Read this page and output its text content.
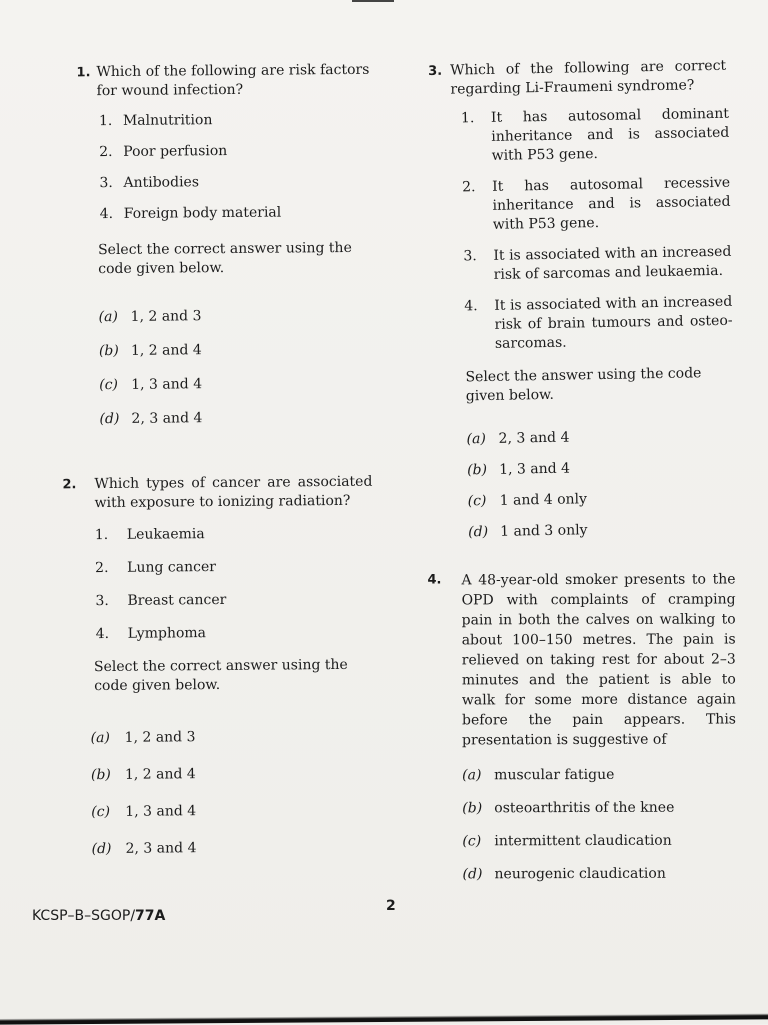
1. Which of the following are risk factors for wound infection?
1. Malnutrition
2. Poor perfusion
3. Antibodies
4. Foreign body material
Select the correct answer using the code given below.
(a) 1, 2 and 3
(b) 1, 2 and 4
(c) 1, 3 and 4
(d) 2, 3 and 4
2. Which types of cancer are associated with exposure to ionizing radiation?
1. Leukaemia
2. Lung cancer
3. Breast cancer
4. Lymphoma
Select the correct answer using the code given below.
(a) 1, 2 and 3
(b) 1, 2 and 4
(c) 1, 3 and 4
(d) 2, 3 and 4
3. Which of the following are correct regarding Li-Fraumeni syndrome?
1. It has autosomal dominant inheritance and is associated with P53 gene.
2. It has autosomal recessive inheritance and is associated with P53 gene.
3. It is associated with an increased risk of sarcomas and leukaemia.
4. It is associated with an increased risk of brain tumours and osteo-sarcomas.
Select the answer using the code given below.
(a) 2, 3 and 4
(b) 1, 3 and 4
(c) 1 and 4 only
(d) 1 and 3 only
4. A 48-year-old smoker presents to the OPD with complaints of cramping pain in both the calves on walking to about 100–150 metres. The pain is relieved on taking rest for about 2–3 minutes and the patient is able to walk for some more distance again before the pain appears. This presentation is suggestive of
(a) muscular fatigue
(b) osteoarthritis of the knee
(c) intermittent claudication
(d) neurogenic claudication
KCSP–B–SGOP/77A
2
